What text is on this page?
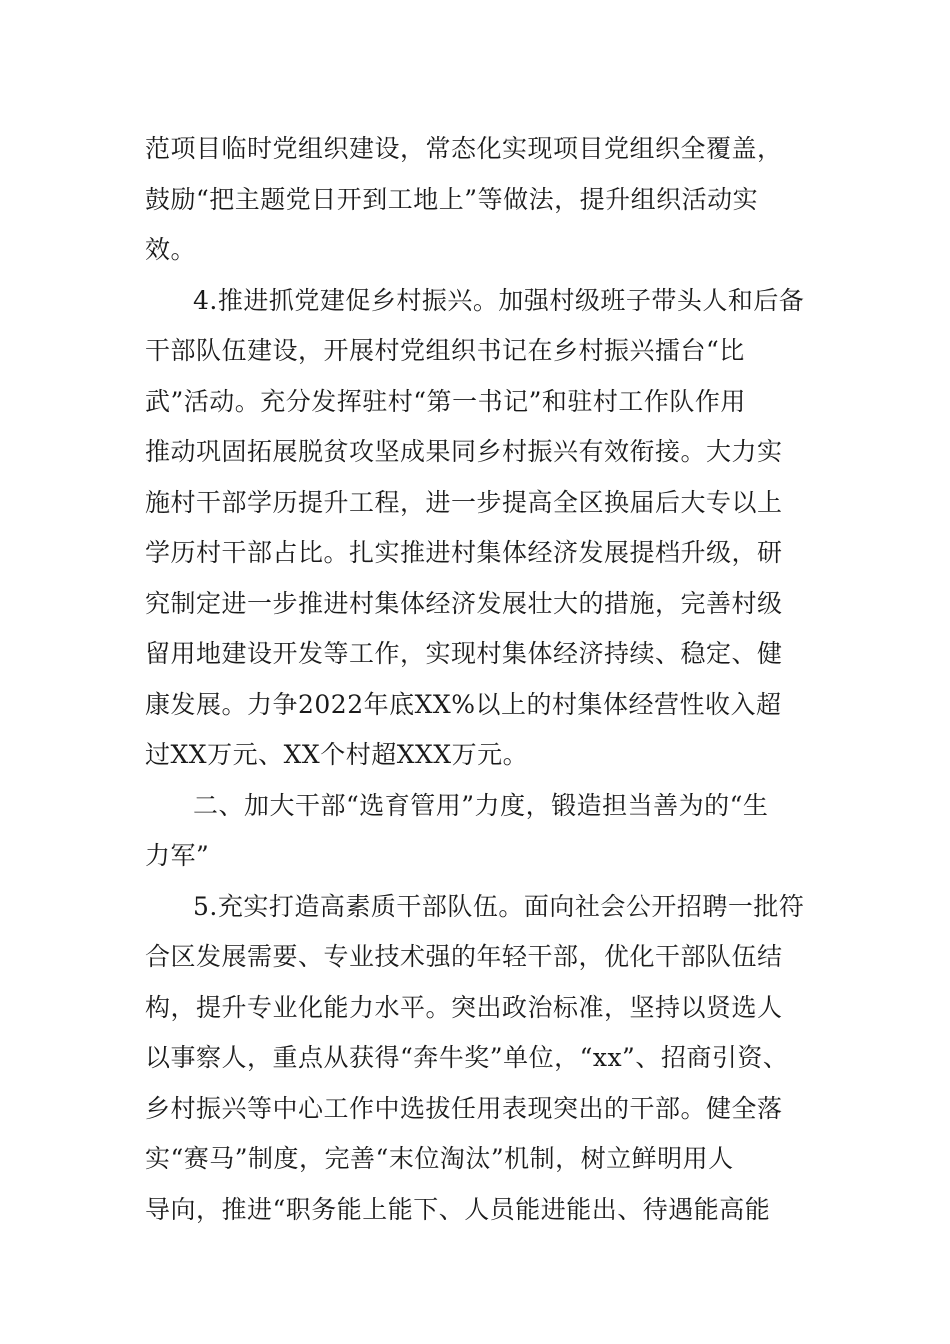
范项目临时党组织建设，常态化实现项目党组织全覆盖，
鼓励“把主题党日开到工地上”等做法，提升组织活动实
效。
4.推进抓党建促乡村振兴。加强村级班子带头人和后备
干部队伍建设，开展村党组织书记在乡村振兴擂台“比
武”活动。充分发挥驻村“第一书记”和驻村工作队作用
推动巩固拓展脱贫攻坚成果同乡村振兴有效衔接。大力实
施村干部学历提升工程，进一步提高全区换届后大专以上
学历村干部占比。扎实推进村集体经济发展提档升级，研
究制定进一步推进村集体经济发展壮大的措施，完善村级
留用地建设开发等工作，实现村集体经济持续、稳定、健
康发展。力争2022年底XX%以上的村集体经营性收入超
过XX万元、XX个村超XXX万元。
二、加大干部“选育管用”力度，锻造担当善为的“生
力军”
5.充实打造高素质干部队伍。面向社会公开招聘一批符
合区发展需要、专业技术强的年轻干部，优化干部队伍结
构，提升专业化能力水平。突出政治标准，坚持以贤选人
以事察人，重点从获得“奔牛奖”单位，“xx”、招商引资、
乡村振兴等中心工作中选拔任用表现突出的干部。健全落
实“赛马”制度，完善“末位淘汰”机制，树立鲜明用人
导向，推进“职务能上能下、人员能进能出、待遇能高能
